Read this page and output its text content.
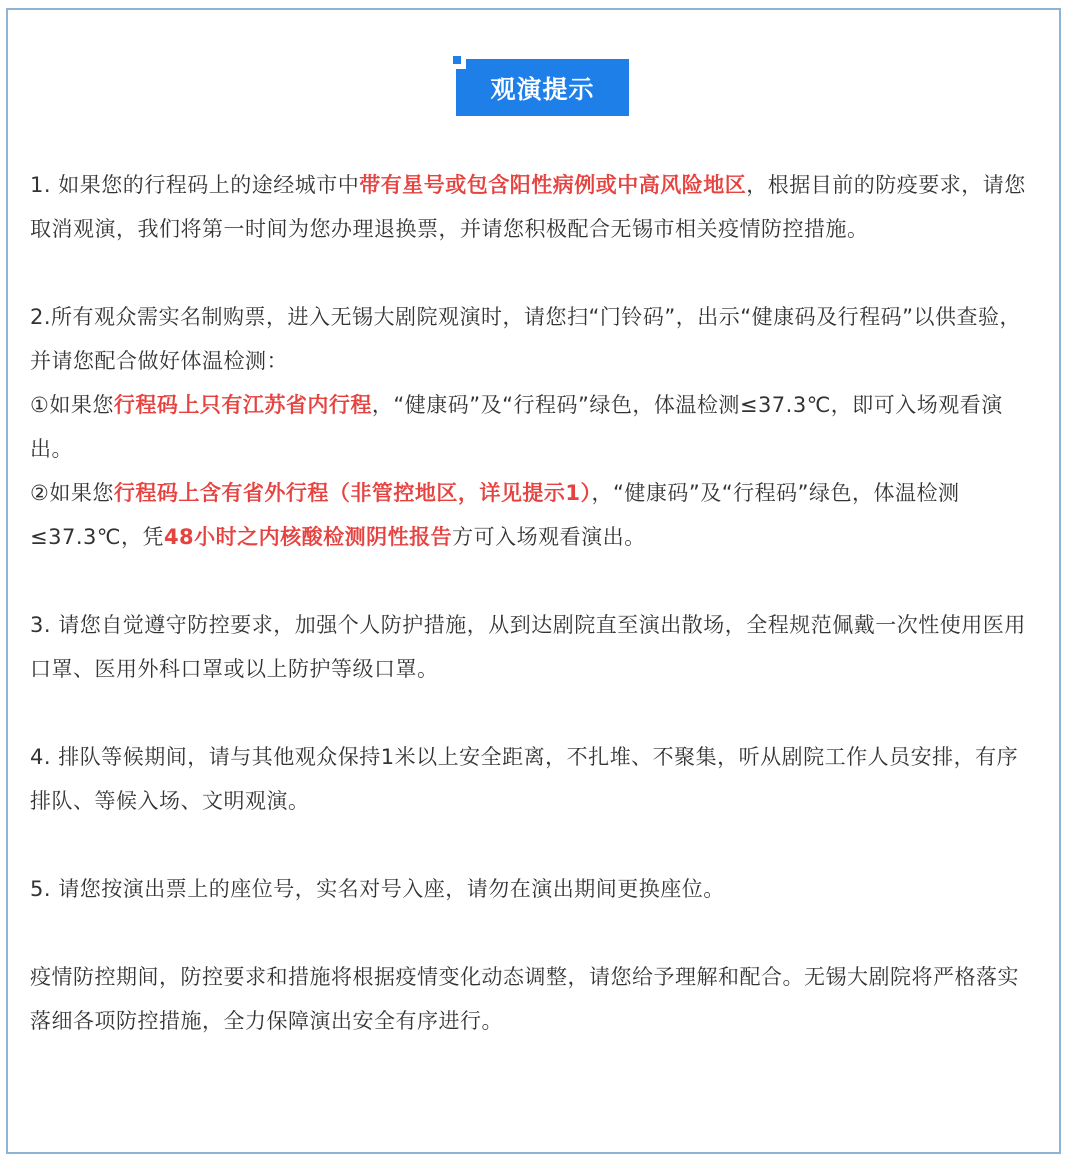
观演提示

1. 如果您的行程码上的途经城市中带有星号或包含阳性病例或中高风险地区，根据目前的防疫要求，请您取消观演，我们将第一时间为您办理退换票，并请您积极配合无锡市相关疫情防控措施。

2.所有观众需实名制购票，进入无锡大剧院观演时，请您扫“门铃码”，出示“健康码及行程码”以供查验，并请您配合做好体温检测：

①如果您行程码上只有江苏省内行程，“健康码”及“行程码”绿色，体温检测≤37.3℃，即可入场观看演出。

②如果您行程码上含有省外行程（非管控地区，详见提示1），“健康码”及“行程码”绿色，体温检测≤37.3℃，凭48小时之内核酸检测阴性报告方可入场观看演出。

3. 请您自觉遵守防控要求，加强个人防护措施，从到达剧院直至演出散场，全程规范佩戴一次性使用医用口罩、医用外科口罩或以上防护等级口罩。

4. 排队等候期间，请与其他观众保持1米以上安全距离，不扎堆、不聚集，听从剧院工作人员安排，有序排队、等候入场、文明观演。

5. 请您按演出票上的座位号，实名对号入座，请勿在演出期间更换座位。

疫情防控期间，防控要求和措施将根据疫情变化动态调整，请您给予理解和配合。无锡大剧院将严格落实落细各项防控措施，全力保障演出安全有序进行。
